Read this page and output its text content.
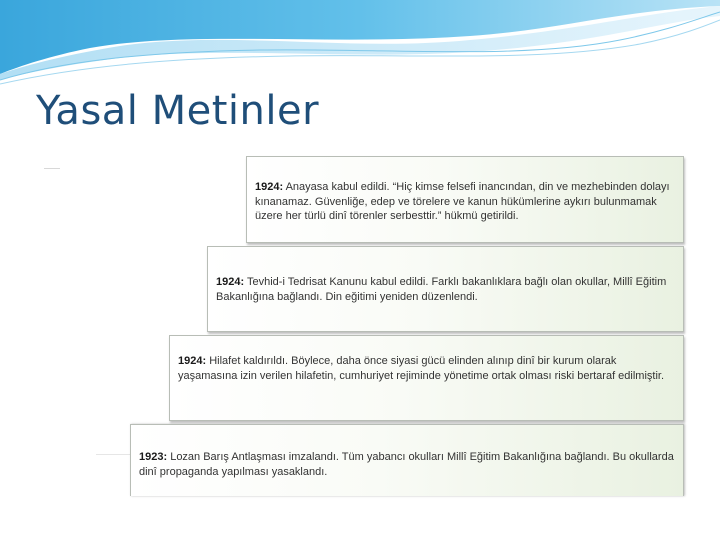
Yasal Metinler
1924: Anayasa kabul edildi. “Hiç kimse felsefi inancından, din ve mezhebinden dolayı kınanamaz. Güvenliğe, edep ve törelere ve kanun hükümlerine aykırı bulunmamak üzere her türlü dinî törenler serbesttir.” hükmü getirildi.
1924: Tevhid-i Tedrisat Kanunu kabul edildi. Farklı bakanlıklara bağlı olan okullar, Millî Eğitim Bakanlığına bağlandı. Din eğitimi yeniden düzenlendi.
1924: Hilafet kaldırıldı. Böylece, daha önce siyasi gücü elinden alınıp dinî bir kurum olarak yaşamasına izin verilen hilafetin, cumhuriyet rejiminde yönetime ortak olması riski bertaraf edilmiştir.
1923: Lozan Barış Antlaşması imzalandı. Tüm yabancı okulları Millî Eğitim Bakanlığına bağlandı. Bu okullarda dinî propaganda yapılması yasaklandı.
